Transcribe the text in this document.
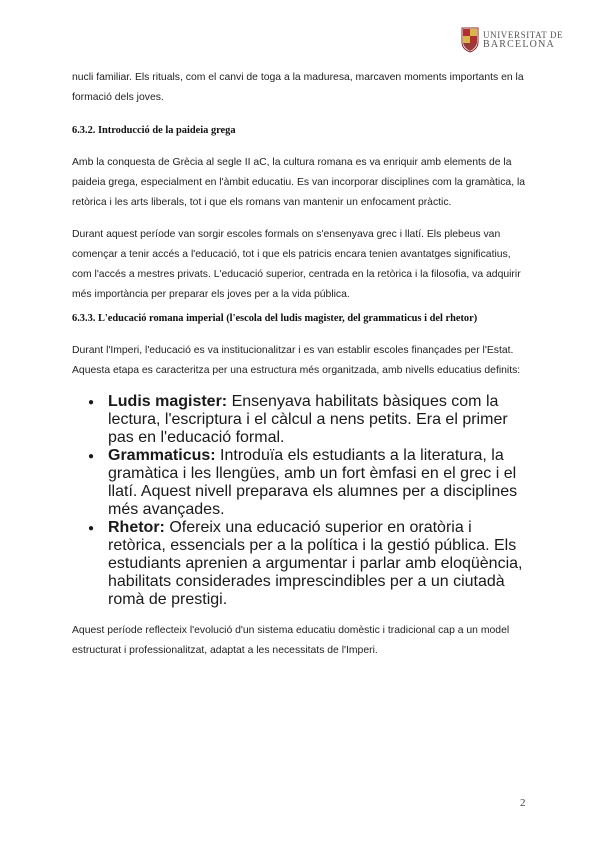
UNIVERSITAT DE
BARCELONA

nucli familiar. Els rituals, com el canvi de toga a la maduresa, marcaven moments importants en la formació dels joves.

6.3.2. Introducció de la paideia grega

Amb la conquesta de Grècia al segle II aC, la cultura romana es va enriquir amb elements de la paideia grega, especialment en l'àmbit educatiu. Es van incorporar disciplines com la gramàtica, la retòrica i les arts liberals, tot i que els romans van mantenir un enfocament pràctic.

Durant aquest període van sorgir escoles formals on s'ensenyava grec i llatí. Els plebeus van començar a tenir accés a l'educació, tot i que els patricis encara tenien avantatges significatius, com l'accés a mestres privats. L'educació superior, centrada en la retòrica i la filosofia, va adquirir més importància per preparar els joves per a la vida pública.

6.3.3. L'educació romana imperial (l'escola del ludis magister, del grammaticus i del rhetor)

Durant l'Imperi, l'educació es va institucionalitzar i es van establir escoles finançades per l'Estat. Aquesta etapa es caracteritza per una estructura més organitzada, amb nivells educatius definits:

● Ludis magister: Ensenyava habilitats bàsiques com la lectura, l'escriptura i el càlcul a nens petits. Era el primer pas en l'educació formal.
● Grammaticus: Introduïa els estudiants a la literatura, la gramàtica i les llengües, amb un fort èmfasi en el grec i el llatí. Aquest nivell preparava els alumnes per a disciplines més avançades.
● Rhetor: Ofereix una educació superior en oratòria i retòrica, essencials per a la política i la gestió pública. Els estudiants aprenien a argumentar i parlar amb eloqüència, habilitats considerades imprescindibles per a un ciutadà romà de prestigi.

Aquest període reflecteix l'evolució d'un sistema educatiu domèstic i tradicional cap a un model estructurat i professionalitzat, adaptat a les necessitats de l'Imperi.

2
